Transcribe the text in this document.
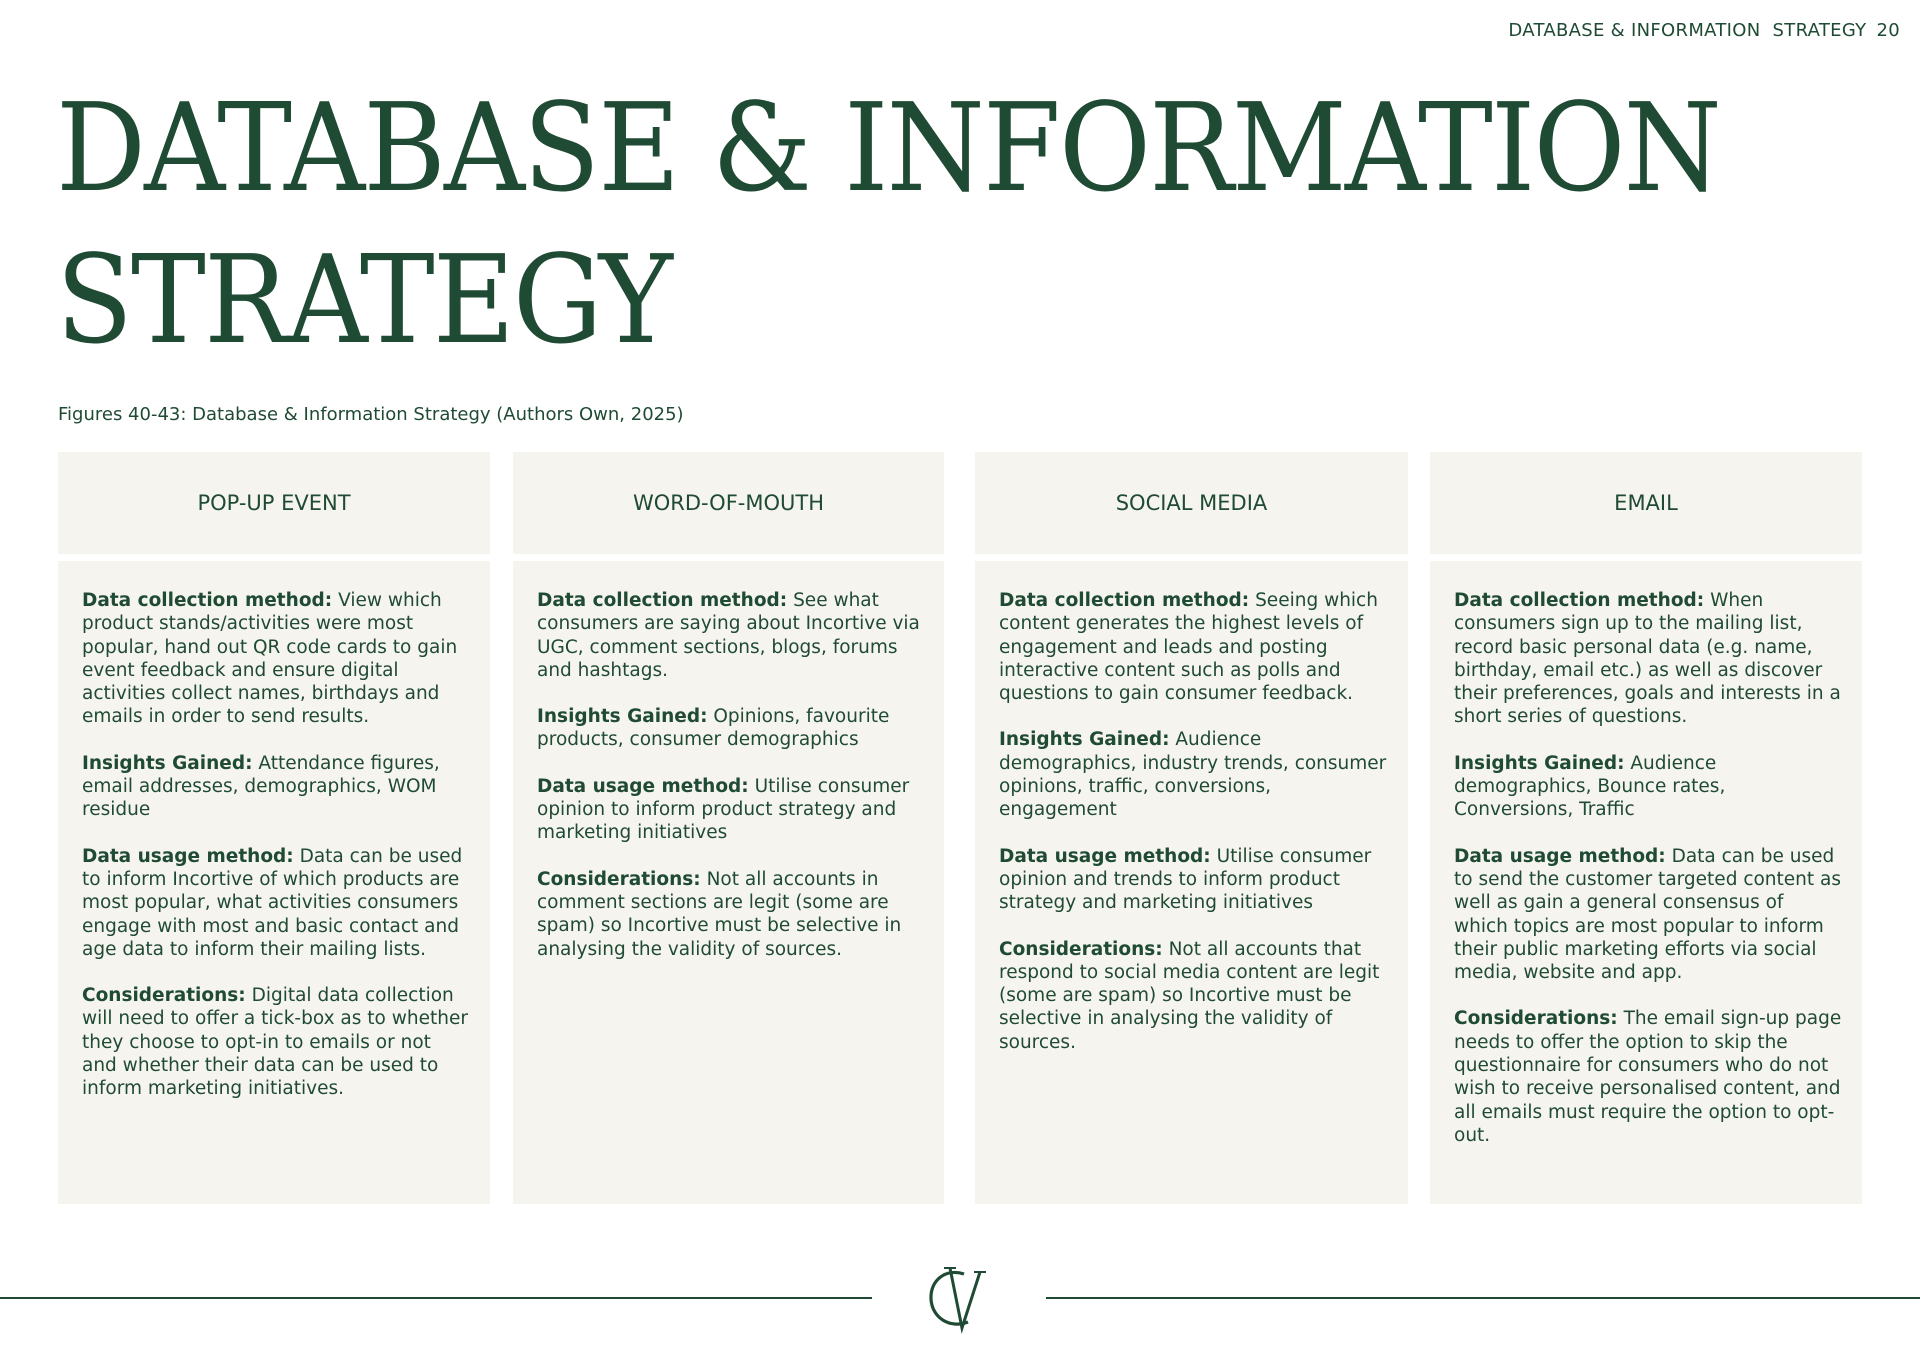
DATABASE & INFORMATION  STRATEGY 20
DATABASE & INFORMATION
STRATEGY
Figures 40-43: Database & Information Strategy (Authors Own, 2025)
POP-UP EVENT

Data collection method: View which product stands/activities were most popular, hand out QR code cards to gain event feedback and ensure digital activities collect names, birthdays and emails in order to send results.

Insights Gained: Attendance figures, email addresses, demographics, WOM residue

Data usage method: Data can be used to inform Incortive of which products are most popular, what activities consumers engage with most and basic contact and age data to inform their mailing lists.

Considerations: Digital data collection will need to offer a tick-box as to whether they choose to opt-in to emails or not and whether their data can be used to inform marketing initiatives.

WORD-OF-MOUTH

Data collection method: See what consumers are saying about Incortive via UGC, comment sections, blogs, forums and hashtags.

Insights Gained: Opinions, favourite products, consumer demographics

Data usage method: Utilise consumer opinion to inform product strategy and marketing initiatives

Considerations: Not all accounts in comment sections are legit (some are spam) so Incortive must be selective in analysing the validity of sources.

SOCIAL MEDIA

Data collection method: Seeing which content generates the highest levels of engagement and leads and posting interactive content such as polls and questions to gain consumer feedback.

Insights Gained: Audience demographics, industry trends, consumer opinions, traffic, conversions, engagement

Data usage method: Utilise consumer opinion and trends to inform product strategy and marketing initiatives

Considerations: Not all accounts that respond to social media content are legit (some are spam) so Incortive must be selective in analysing the validity of sources.

EMAIL

Data collection method: When consumers sign up to the mailing list, record basic personal data (e.g. name, birthday, email etc.) as well as discover their preferences, goals and interests in a short series of questions.

Insights Gained: Audience demographics, Bounce rates, Conversions, Traffic

Data usage method: Data can be used to send the customer targeted content as well as gain a general consensus of which topics are most popular to inform their public marketing efforts via social media, website and app.

Considerations: The email sign-up page needs to offer the option to skip the questionnaire for consumers who do not wish to receive personalised content, and all emails must require the option to opt-out.
